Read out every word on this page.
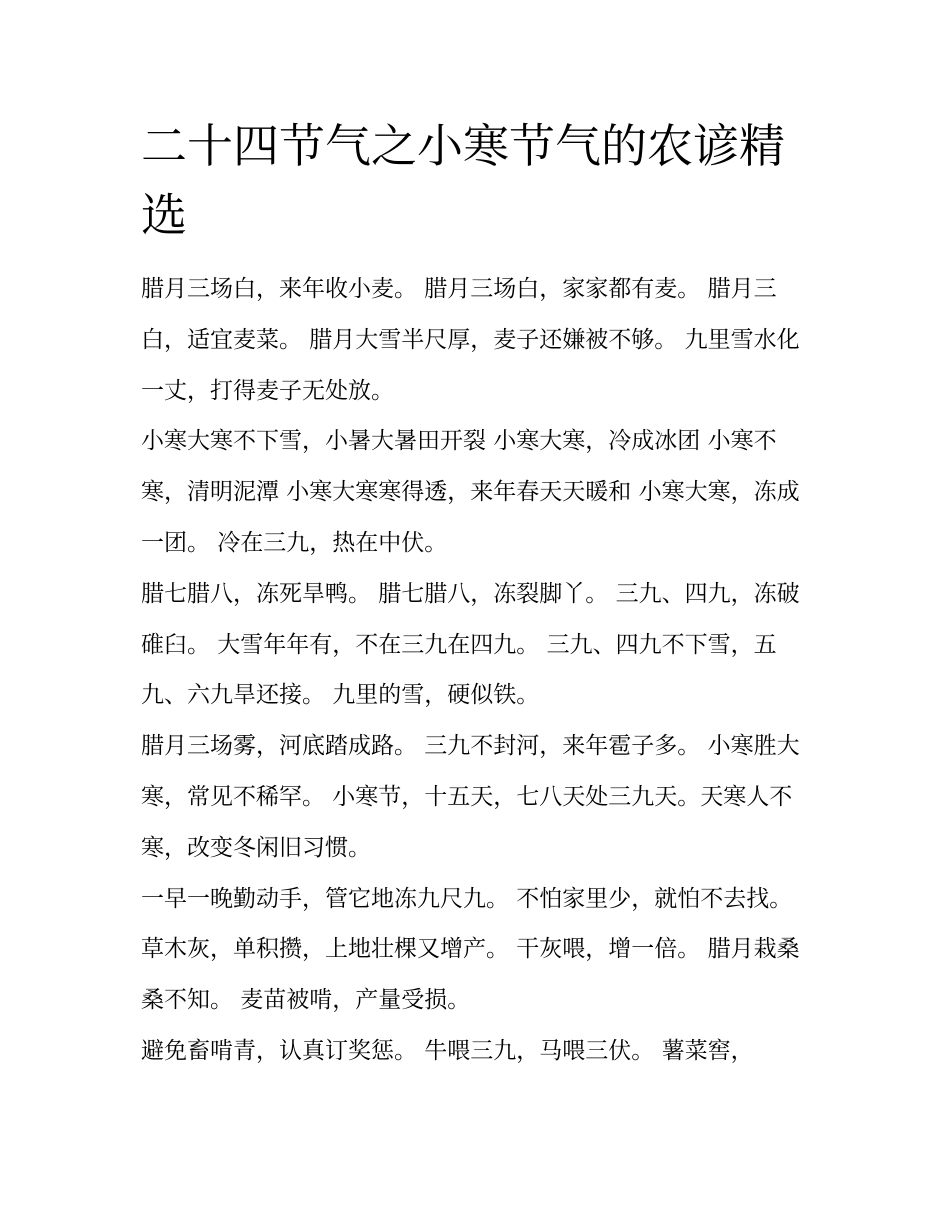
二十四节气之小寒节气的农谚精选

腊月三场白，来年收小麦。 腊月三场白，家家都有麦。 腊月三白，适宜麦菜。 腊月大雪半尺厚，麦子还嫌被不够。 九里雪水化一丈，打得麦子无处放。

小寒大寒不下雪，小暑大暑田开裂 小寒大寒，冷成冰团 小寒不寒，清明泥潭 小寒大寒寒得透，来年春天天暖和 小寒大寒，冻成一团。 冷在三九，热在中伏。

腊七腊八，冻死旱鸭。 腊七腊八，冻裂脚丫。 三九、四九，冻破碓臼。 大雪年年有，不在三九在四九。 三九、四九不下雪，五九、六九旱还接。 九里的雪，硬似铁。

腊月三场雾，河底踏成路。 三九不封河，来年雹子多。 小寒胜大寒，常见不稀罕。 小寒节，十五天，七八天处三九天。天寒人不寒，改变冬闲旧习惯。

一早一晚勤动手，管它地冻九尺九。 不怕家里少，就怕不去找。 草木灰，单积攒，上地壮棵又增产。 干灰喂，增一倍。 腊月栽桑桑不知。 麦苗被啃，产量受损。

避免畜啃青，认真订奖惩。 牛喂三九，马喂三伏。 薯菜窖，
